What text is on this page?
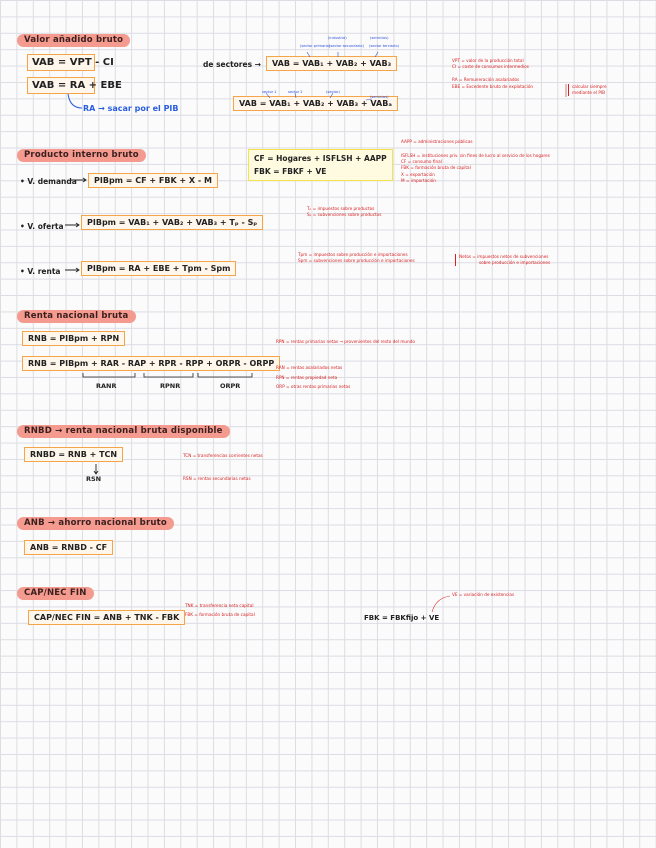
Valor añadido bruto
VAB = VPT - CI
VAB = RA + EBE
RA → sacar por el PIB
de sectores →	VAB = VAB₁ + VAB₂ + VAB₃
VAB = VAB₁ + VAB₂ + VAB₃ + VABₐ
(industria)	(servicios)
(sector primario)
(sector secundario) (sector terciario)
sector 1	sector 2	(sector)
(servicios)
VPT = valor de la producción total
CI = coste de consumos intermedios
RA = Remuneración asalariados
EBE = Excedente bruto de explotación	calcular siempre
mediante el PIB
Producto interno bruto
• V. demanda	PIBpm = CF + FBK + X - M
CF = Hogares + ISFLSH + AAPP
FBK = FBKF + VE
AAPP = administraciones públicas
ISFLSH = instituciones priv. sin fines de lucro al servicio de los hogares
CF = consumo final
FBK = formación bruta de capital
X = exportación
M = importación
• V. oferta	PIBpm = VAB₁ + VAB₂ + VAB₃ + Tₚ - Sₚ
Tₚ = impuestos sobre productos
Sₚ = subvenciones sobre productos
• V. renta	PIBpm = RA + EBE + Tpm - Spm
Tpm = impuestos sobre producción e importaciones
Spm = subvenciones sobre producción e importaciones
Netos = impuestos netos de subvenciones
sobre producción e importaciones
Renta nacional bruta
RNB = PIBpm + RPN
RNB = PIBpm + RAR - RAP + RPR - RPP + ORPR - ORPP
RANR	RPNR	ORPR
RPN = rentas primarias netas → provenientes del resto del mundo
RAN = rentas asalariados netas
RPN = rentas propiedad neta
ORP = otras rentas primarias netas
RNBD → renta nacional bruta disponible
RNBD = RNB + TCN
RSN
TCN = transferencias corrientes netas
RSN = rentas secundarias netas
ANB → ahorro nacional bruto
ANB = RNBD - CF
CAP/NEC FIN
CAP/NEC FIN = ANB + TNK - FBK
TNK = transferencia neta capital
FBK = formación bruta de capital	FBK = FBKfijo + VE
VE = variación de existencias
